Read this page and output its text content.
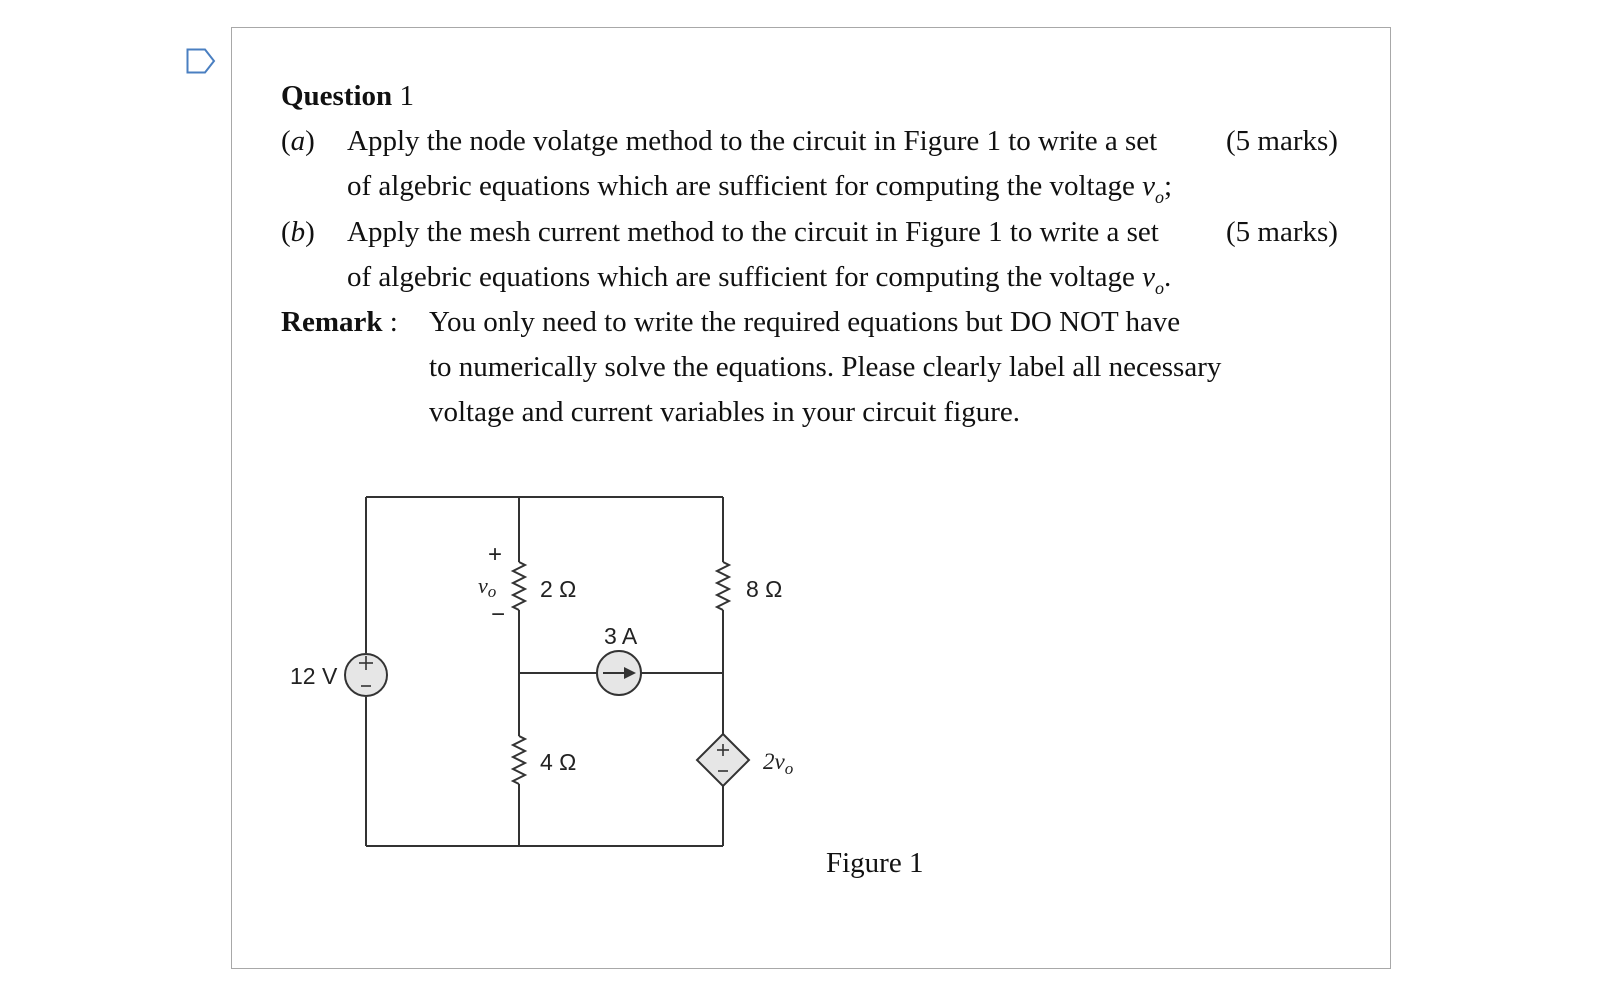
Question 1
(a) Apply the node volatge method to the circuit in Figure 1 to write a set (5 marks)
of algebric equations which are sufficient for computing the voltage $v_o$;
(b) Apply the mesh current method to the circuit in Figure 1 to write a set (5 marks)
of algebric equations which are sufficient for computing the voltage $v_o$.
Remark : You only need to write the required equations but DO NOT have
to numerically solve the equations. Please clearly label all necessary
voltage and current variables in your circuit figure.
12 V
2 Ω	8 Ω
4 Ω
3 A
+
vo
−
$2v_o$
Figure 1
